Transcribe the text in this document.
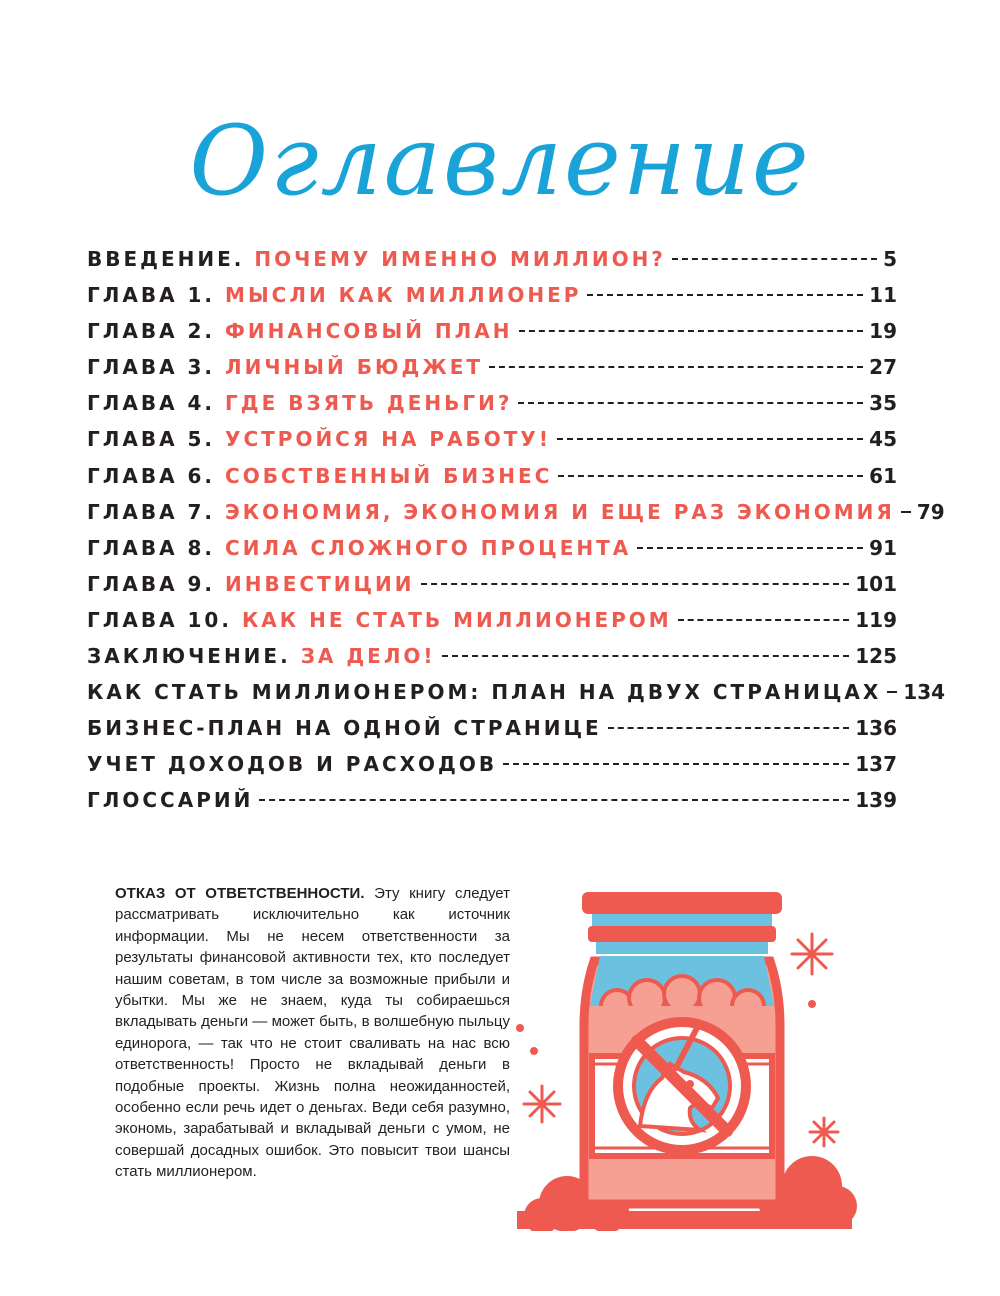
Оглавление
ВВЕДЕНИЕ. ПОЧЕМУ ИМЕННО МИЛЛИОН?	5
ГЛАВА 1. МЫСЛИ КАК МИЛЛИОНЕР	11
ГЛАВА 2. ФИНАНСОВЫЙ ПЛАН	19
ГЛАВА 3. ЛИЧНЫЙ БЮДЖЕТ	27
ГЛАВА 4. ГДЕ ВЗЯТЬ ДЕНЬГИ?	35
ГЛАВА 5. УСТРОЙСЯ НА РАБОТУ!	45
ГЛАВА 6. СОБСТВЕННЫЙ БИЗНЕС	61
ГЛАВА 7. ЭКОНОМИЯ, ЭКОНОМИЯ И ЕЩЕ РАЗ ЭКОНОМИЯ 79
ГЛАВА 8. СИЛА СЛОЖНОГО ПРОЦЕНТА	91
ГЛАВА 9. ИНВЕСТИЦИИ	101
ГЛАВА 10. КАК НЕ СТАТЬ МИЛЛИОНЕРОМ	119
ЗАКЛЮЧЕНИЕ. ЗА ДЕЛО!	125
КАК СТАТЬ МИЛЛИОНЕРОМ: ПЛАН НА ДВУХ СТРАНИЦАХ 134
БИЗНЕС-ПЛАН НА ОДНОЙ СТРАНИЦЕ	136
УЧЕТ ДОХОДОВ И РАСХОДОВ	137
ГЛОССАРИЙ	139
ОТКАЗ ОТ ОТВЕТСТВЕННОСТИ. Эту книгу следует рассматривать исключительно как источник информации. Мы не несем ответственности за результаты финансовой активности тех, кто последует нашим советам, в том числе за возможные прибыли и убытки. Мы же не знаем, куда ты собираешься вкладывать деньги — может быть, в волшебную пыльцу единорога, — так что не стоит сваливать на нас всю ответственность! Просто не вкладывай деньги в подобные проекты. Жизнь полна неожиданностей, особенно если речь идет о деньгах. Веди себя разумно, экономь, зарабатывай и вкладывай деньги с умом, не совершай досадных ошибок. Это повысит твои шансы стать миллионером.
